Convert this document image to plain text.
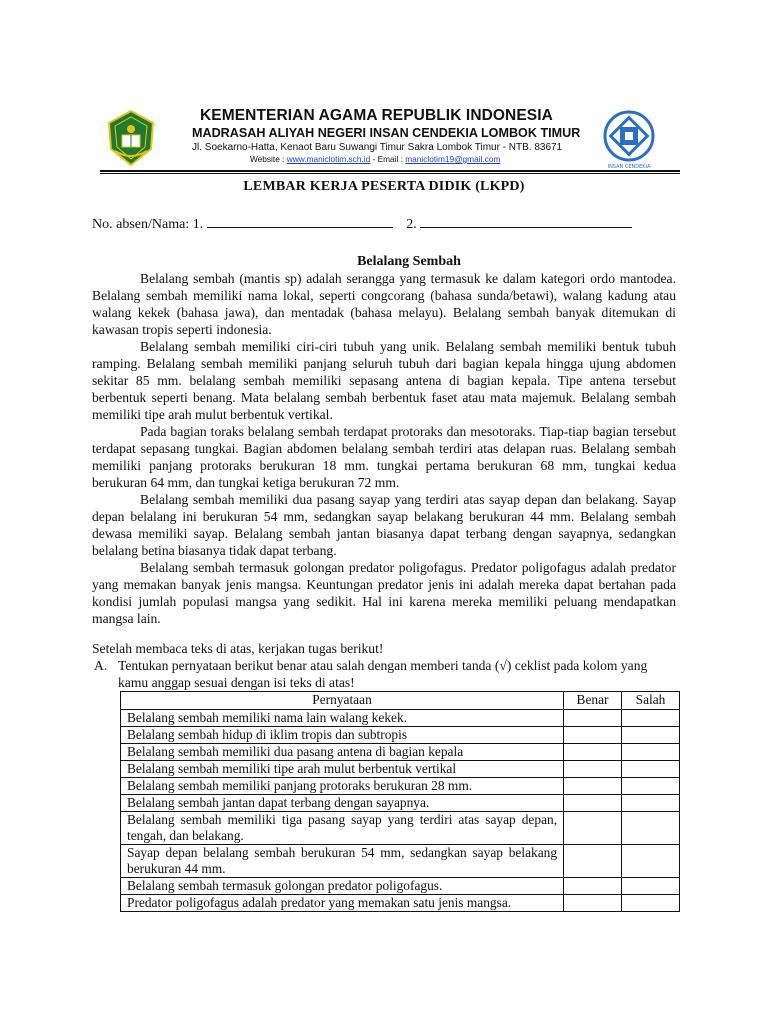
KEMENTERIAN AGAMA REPUBLIK INDONESIA
MADRASAH ALIYAH NEGERI INSAN CENDEKIA LOMBOK TIMUR
Jl. Soekarno-Hatta, Kenaot Baru Suwangi Timur Sakra Lombok Timur - NTB. 83671
Website : www.maniclotim.sch.id - Email : maniclotim19@gmail.com
INSAN CENDEKIA
LEMBAR KERJA PESERTA DIDIK (LKPD)
No. absen/Nama: 1.	2.
Belalang Sembah

Belalang sembah (mantis sp) adalah serangga yang termasuk ke dalam kategori ordo mantodea. Belalang sembah memiliki nama lokal, seperti congcorang (bahasa sunda/betawi), walang kadung atau walang kekek (bahasa jawa), dan mentadak (bahasa melayu). Belalang sembah banyak ditemukan di kawasan tropis seperti indonesia.

Belalang sembah memiliki ciri-ciri tubuh yang unik. Belalang sembah memiliki bentuk tubuh ramping. Belalang sembah memiliki panjang seluruh tubuh dari bagian kepala hingga ujung abdomen sekitar 85 mm. belalang sembah memiliki sepasang antena di bagian kepala. Tipe antena tersebut berbentuk seperti benang. Mata belalang sembah berbentuk faset atau mata majemuk. Belalang sembah memiliki tipe arah mulut berbentuk vertikal.

Pada bagian toraks belalang sembah terdapat protoraks dan mesotoraks. Tiap-tiap bagian tersebut terdapat sepasang tungkai. Bagian abdomen belalang sembah terdiri atas delapan ruas. Belalang sembah memiliki panjang protoraks berukuran 18 mm. tungkai pertama berukuran 68 mm, tungkai kedua berukuran 64 mm, dan tungkai ketiga berukuran 72 mm.

Belalang sembah memiliki dua pasang sayap yang terdiri atas sayap depan dan belakang. Sayap depan belalang ini berukuran 54 mm, sedangkan sayap belakang berukuran 44 mm. Belalang sembah dewasa memiliki sayap. Belalang sembah jantan biasanya dapat terbang dengan sayapnya, sedangkan belalang betina biasanya tidak dapat terbang.

Belalang sembah termasuk golongan predator poligofagus. Predator poligofagus adalah predator yang memakan banyak jenis mangsa. Keuntungan predator jenis ini adalah mereka dapat bertahan pada kondisi jumlah populasi mangsa yang sedikit. Hal ini karena mereka memiliki peluang mendapatkan mangsa lain.

Setelah membaca teks di atas, kerjakan tugas berikut!
A. Tentukan pernyataan berikut benar atau salah dengan memberi tanda (√) ceklist pada kolom yang kamu anggap sesuai dengan isi teks di atas!
Pernyataan	Benar	Salah
Belalang sembah memiliki nama lain walang kekek.		
Belalang sembah hidup di iklim tropis dan subtropis		
Belalang sembah memiliki dua pasang antena di bagian kepala		
Belalang sembah memiliki tipe arah mulut berbentuk vertikal		
Belalang sembah memiliki panjang protoraks berukuran 28 mm.		
Belalang sembah jantan dapat terbang dengan sayapnya.		
Belalang sembah memiliki tiga pasang sayap yang terdiri atas sayap depan, tengah, dan belakang.		
Sayap depan belalang sembah berukuran 54 mm, sedangkan sayap belakang berukuran 44 mm.		
Belalang sembah termasuk golongan predator poligofagus.		
Predator poligofagus adalah predator yang memakan satu jenis mangsa.		
